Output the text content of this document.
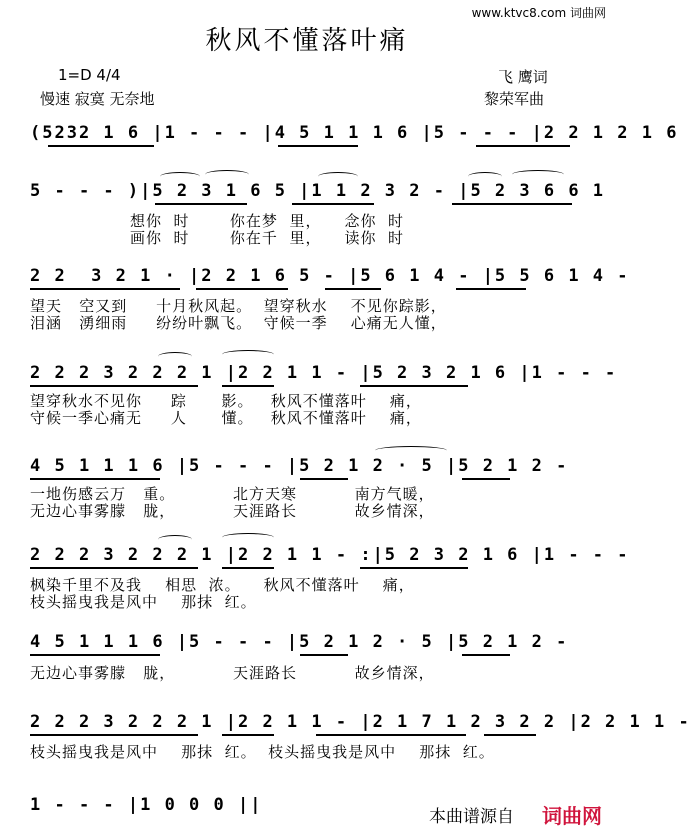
秋风不懂落叶痛
www.ktvc8.com 词曲网
1=D 4/4
慢速 寂寞 无奈地
飞 鹰词
黎荣军曲
(5232 1 6 |1 - - - |4 5 1 1 1 6 |5 - - - |2 2 1 2 1 6
5 - - - )|5 2 3 1 6 5 |1 1 2 3 2 - |5 2 3 6 6 1
想你  时       你在梦  里，    念你  时
画你  时       你在千  里，    读你  时
2 2  3 2 1 · |2 2 1 6 5 - |5 6 1 4 - |5 5 6 1 4 -
望天   空又到     十月秋风起。  望穿秋水    不见你踪影，
泪涵   湧细雨     纷纷叶飘飞。  守候一季    心痛无人懂，
2 2 2 3 2 2 2 1 |2 2 1 1 - |5 2 3 2 1 6 |1 - - -
望穿秋水不见你     踪      影。   秋风不懂落叶    痛，
守候一季心痛无     人      懂。   秋风不懂落叶    痛，
4 5 1 1 1 6 |5 - - - |5 2 1 2 · 5 |5 2 1 2 -
一地伤感云万   重。          北方天寒          南方气暖，
无边心事雾朦   胧，          天涯路长          故乡情深，
2 2 2 3 2 2 2 1 |2 2 1 1 - :|5 2 3 2 1 6 |1 - - -
枫染千里不及我    相思  浓。    秋风不懂落叶    痛，
枝头摇曳我是风中    那抹  红。
4 5 1 1 1 6 |5 - - - |5 2 1 2 · 5 |5 2 1 2 -
无边心事雾朦   胧，          天涯路长          故乡情深，
2 2 2 3 2 2 2 1 |2 2 1 1 - |2 1 7 1 2 3 2 2 |2 2 1 1 -
枝头摇曳我是风中    那抹  红。  枝头摇曳我是风中    那抹  红。
1 - - - |1 0 0 0 ||
本曲谱源自 词曲网
